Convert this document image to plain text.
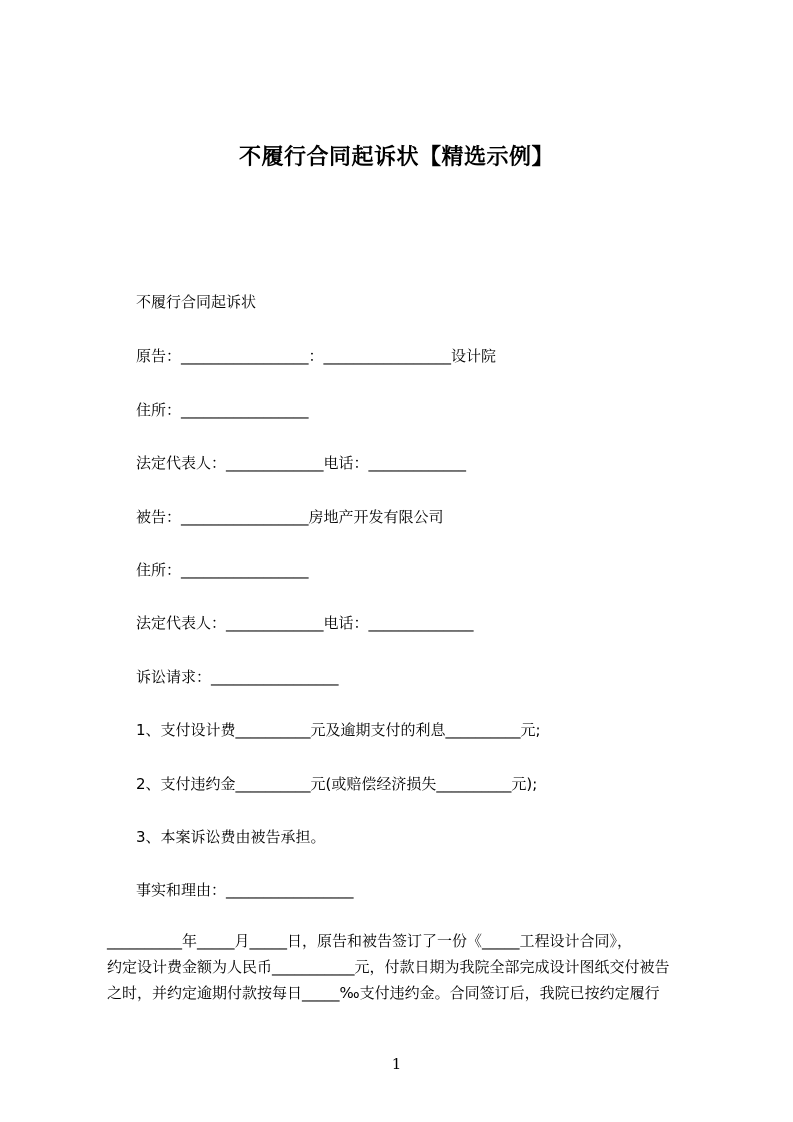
不履行合同起诉状【精选示例】
不履行合同起诉状
原告：_________________：_________________设计院
住所：_________________
法定代表人：_____________电话：_____________
被告：_________________房地产开发有限公司
住所：_________________
法定代表人：_____________电话：______________
诉讼请求：_________________
1、支付设计费__________元及逾期支付的利息__________元;
2、支付违约金__________元(或赔偿经济损失__________元);
3、本案诉讼费由被告承担。
事实和理由：_________________
__________年_____月_____日，原告和被告签订了一份《_____工程设计合同》，
约定设计费金额为人民币___________元，付款日期为我院全部完成设计图纸交付被告
之时，并约定逾期付款按每日_____‰支付违约金。合同签订后，我院已按约定履行
1
